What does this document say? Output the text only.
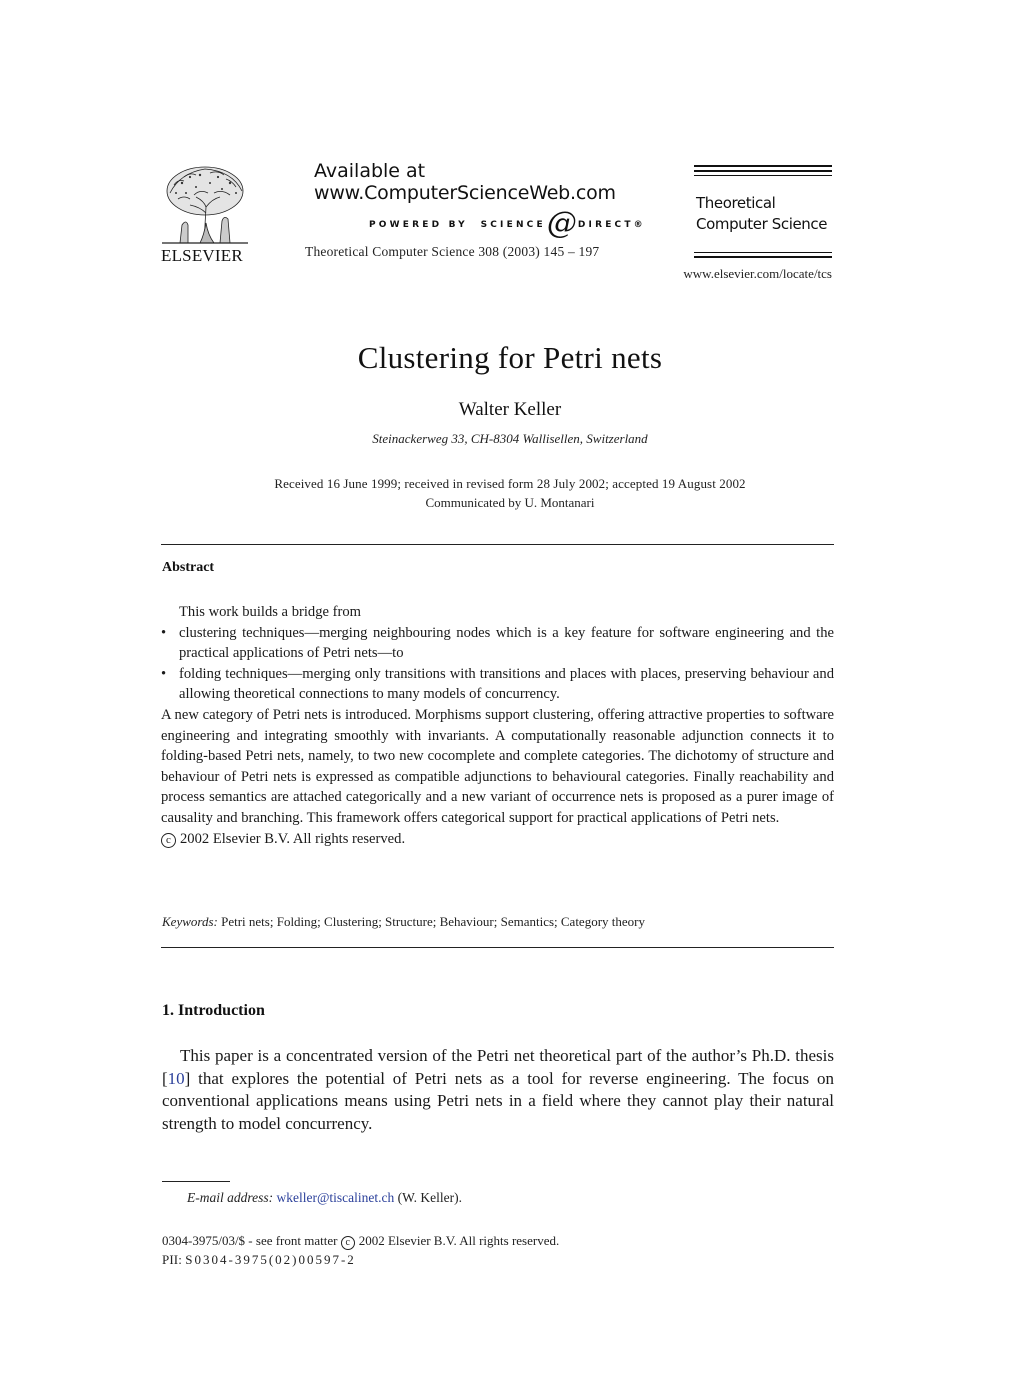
ELSEVIER
Available at
www.ComputerScienceWeb.com
POWERED BY SCIENCE@DIRECT®
Theoretical Computer Science 308 (2003) 145 – 197
Theoretical
Computer Science
www.elsevier.com/locate/tcs
Clustering for Petri nets
Walter Keller
Steinackerweg 33, CH-8304 Wallisellen, Switzerland
Received 16 June 1999; received in revised form 28 July 2002; accepted 19 August 2002
Communicated by U. Montanari
Abstract

This work builds a bridge from

• clustering techniques—merging neighbouring nodes which is a key feature for software engineering and the practical applications of Petri nets—to
• folding techniques—merging only transitions with transitions and places with places, preserving behaviour and allowing theoretical connections to many models of concurrency.

A new category of Petri nets is introduced. Morphisms support clustering, offering attractive properties to software engineering and integrating smoothly with invariants. A computationally reasonable adjunction connects it to folding-based Petri nets, namely, to two new cocomplete and complete categories. The dichotomy of structure and behaviour of Petri nets is expressed as compatible adjunctions to behavioural categories. Finally reachability and process semantics are attached categorically and a new variant of occurrence nets is proposed as a purer image of causality and branching. This framework offers categorical support for practical applications of Petri nets.

c 2002 Elsevier B.V. All rights reserved.

Keywords: Petri nets; Folding; Clustering; Structure; Behaviour; Semantics; Category theory
1. Introduction

This paper is a concentrated version of the Petri net theoretical part of the author’s Ph.D. thesis [10] that explores the potential of Petri nets as a tool for reverse engineering. The focus on conventional applications means using Petri nets in a field where they cannot play their natural strength to model concurrency.

E-mail address: wkeller@tiscalinet.ch (W. Keller).
0304-3975/03/$ - see front matter c 2002 Elsevier B.V. All rights reserved.
PII: S0304-3975(02)00597-2
